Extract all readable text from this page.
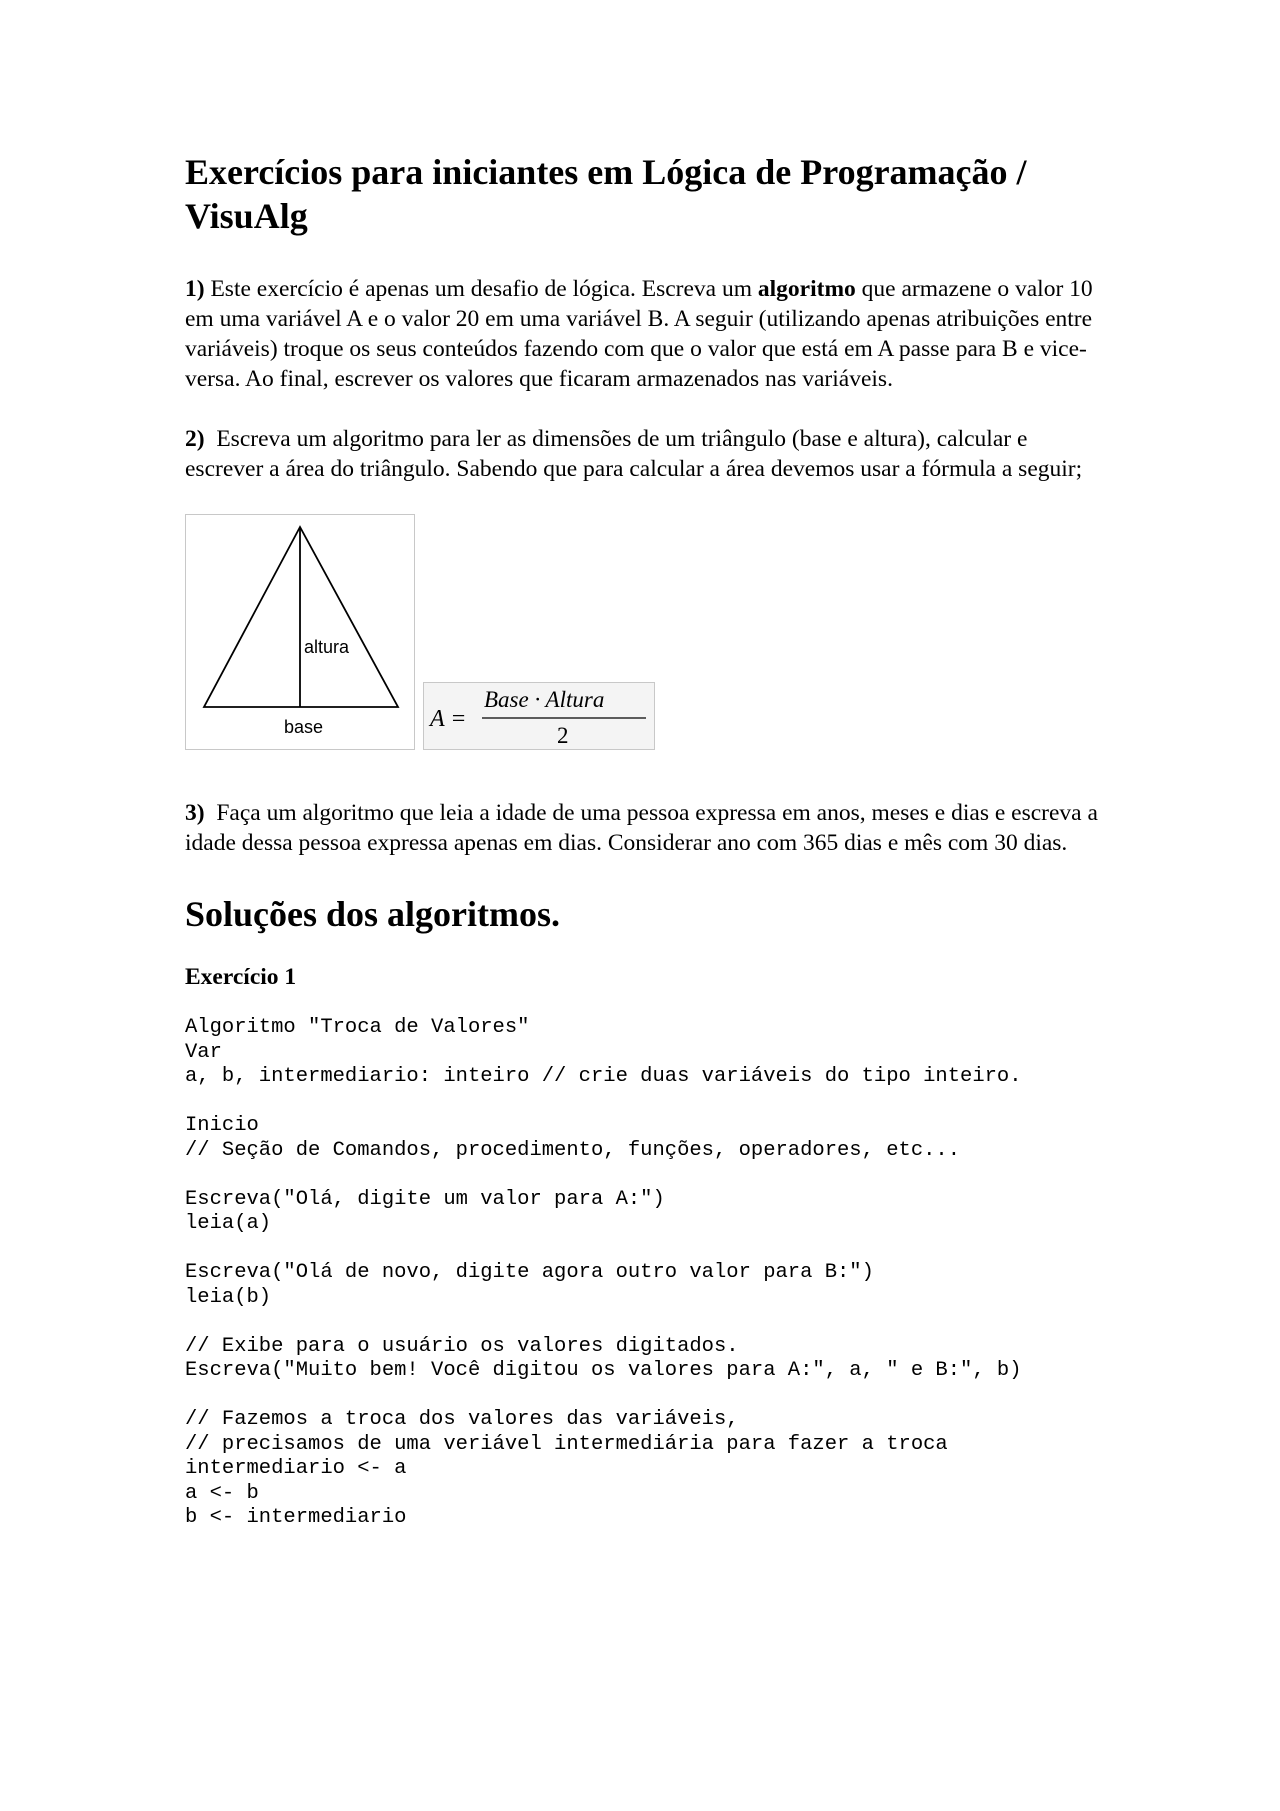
Exercícios para iniciantes em Lógica de Programação / VisuAlg

1) Este exercício é apenas um desafio de lógica. Escreva um algoritmo que armazene o valor 10 em uma variável A e o valor 20 em uma variável B. A seguir (utilizando apenas atribuições entre variáveis) troque os seus conteúdos fazendo com que o valor que está em A passe para B e vice-versa. Ao final, escrever os valores que ficaram armazenados nas variáveis.

2)  Escreva um algoritmo para ler as dimensões de um triângulo (base e altura), calcular e escrever a área do triângulo. Sabendo que para calcular a área devemos usar a fórmula a seguir;

altura
base	A =
Base · Altura
2

3)  Faça um algoritmo que leia a idade de uma pessoa expressa em anos, meses e dias e escreva a idade dessa pessoa expressa apenas em dias. Considerar ano com 365 dias e mês com 30 dias.

Soluções dos algoritmos.
Exercício 1
Algoritmo "Troca de Valores"
Var
a, b, intermediario: inteiro // crie duas variáveis do tipo inteiro.
Inicio
// Seção de Comandos, procedimento, funções, operadores, etc...
Escreva("Olá, digite um valor para A:")
leia(a)
Escreva("Olá de novo, digite agora outro valor para B:")
leia(b)
// Exibe para o usuário os valores digitados.
Escreva("Muito bem! Você digitou os valores para A:", a, " e B:", b)
// Fazemos a troca dos valores das variáveis,
// precisamos de uma veriável intermediária para fazer a troca
intermediario <- a
a <- b
b <- intermediario
